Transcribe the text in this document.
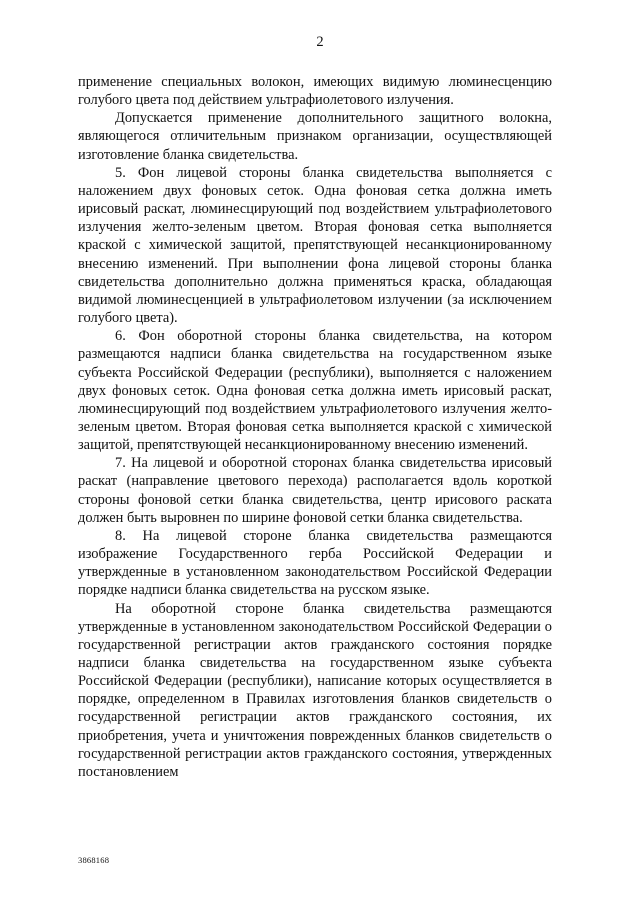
2

применение специальных волокон, имеющих видимую люминесценцию голубого цвета под действием ультрафиолетового излучения.

Допускается применение дополнительного защитного волокна, являющегося отличительным признаком организации, осуществляющей изготовление бланка свидетельства.

5. Фон лицевой стороны бланка свидетельства выполняется с наложением двух фоновых сеток. Одна фоновая сетка должна иметь ирисовый раскат, люминесцирующий под воздействием ультрафиолетового излучения желто-зеленым цветом. Вторая фоновая сетка выполняется краской с химической защитой, препятствующей несанкционированному внесению изменений. При выполнении фона лицевой стороны бланка свидетельства дополнительно должна применяться краска, обладающая видимой люминесценцией в ультрафиолетовом излучении (за исключением голубого цвета).

6. Фон оборотной стороны бланка свидетельства, на котором размещаются надписи бланка свидетельства на государственном языке субъекта Российской Федерации (республики), выполняется с наложением двух фоновых сеток. Одна фоновая сетка должна иметь ирисовый раскат, люминесцирующий под воздействием ультрафиолетового излучения желто-зеленым цветом. Вторая фоновая сетка выполняется краской с химической защитой, препятствующей несанкционированному внесению изменений.

7. На лицевой и оборотной сторонах бланка свидетельства ирисовый раскат (направление цветового перехода) располагается вдоль короткой стороны фоновой сетки бланка свидетельства, центр ирисового раската должен быть выровнен по ширине фоновой сетки бланка свидетельства.

8. На лицевой стороне бланка свидетельства размещаются изображение Государственного герба Российской Федерации и утвержденные в установленном законодательством Российской Федерации порядке надписи бланка свидетельства на русском языке.

На оборотной стороне бланка свидетельства размещаются утвержденные в установленном законодательством Российской Федерации о государственной регистрации актов гражданского состояния порядке надписи бланка свидетельства на государственном языке субъекта Российской Федерации (республики), написание которых осуществляется в порядке, определенном в Правилах изготовления бланков свидетельств о государственной регистрации актов гражданского состояния, их приобретения, учета и уничтожения поврежденных бланков свидетельств о государственной регистрации актов гражданского состояния, утвержденных постановлением

3868168
